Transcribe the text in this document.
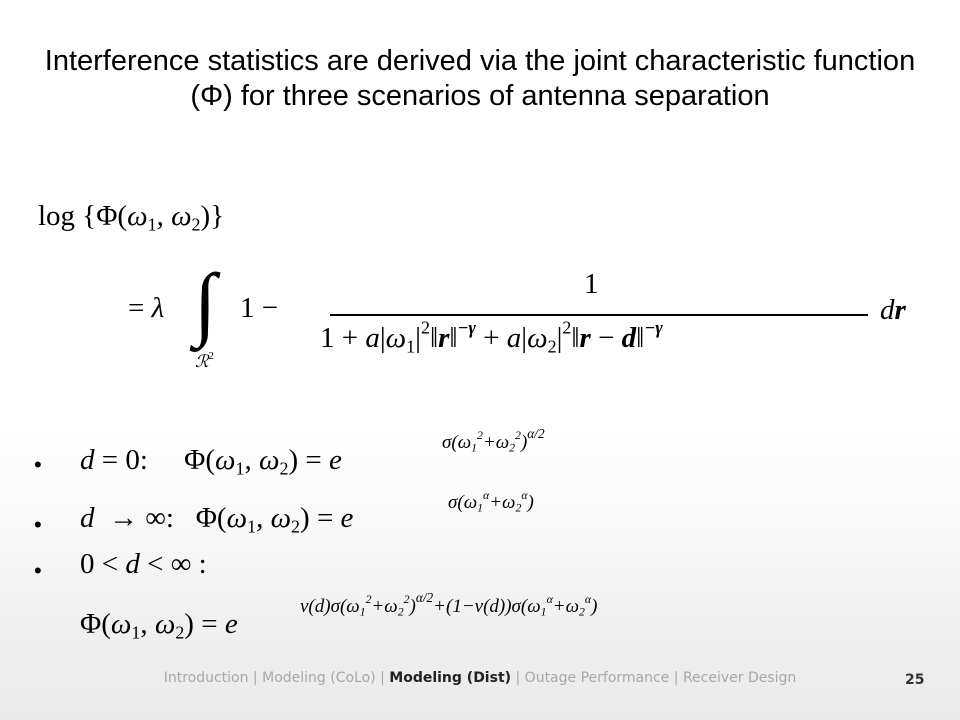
Interference statistics are derived via the joint characteristic function (Φ) for three scenarios of antenna separation
$\log \{\Phi(\omega_1$, $\omega_2$)}
= λ ∫
ℛ$^2$
1 −
1
$1 + a|\omega_1|^2‖r‖^{-\gamma}$ + $a|\omega_2|^2‖r$ − d‖$^{-\gamma}$
dr
• d = 0:     $\Phi(\omega_1$, $\omega_2) = e$
$\sigma(\omega_1^2+\omega_2^2)^{\alpha/2}$
• d  → ∞:   $\Phi(\omega_1$, $\omega_2) = e$	$\sigma(\omega_1^\alpha+\omega_2^\alpha)$
• 0 < d < ∞ :
$\Phi(\omega_1$, $\omega_2) = e$
$\nu(d)\sigma(\omega_1^2+\omega_2^2)^{\alpha/2}+(1-\nu(d))\sigma(\omega_1^\alpha+\omega_2^\alpha)$
Introduction | Modeling (CoLo) | Modeling (Dist) | Outage Performance | Receiver Design	25
